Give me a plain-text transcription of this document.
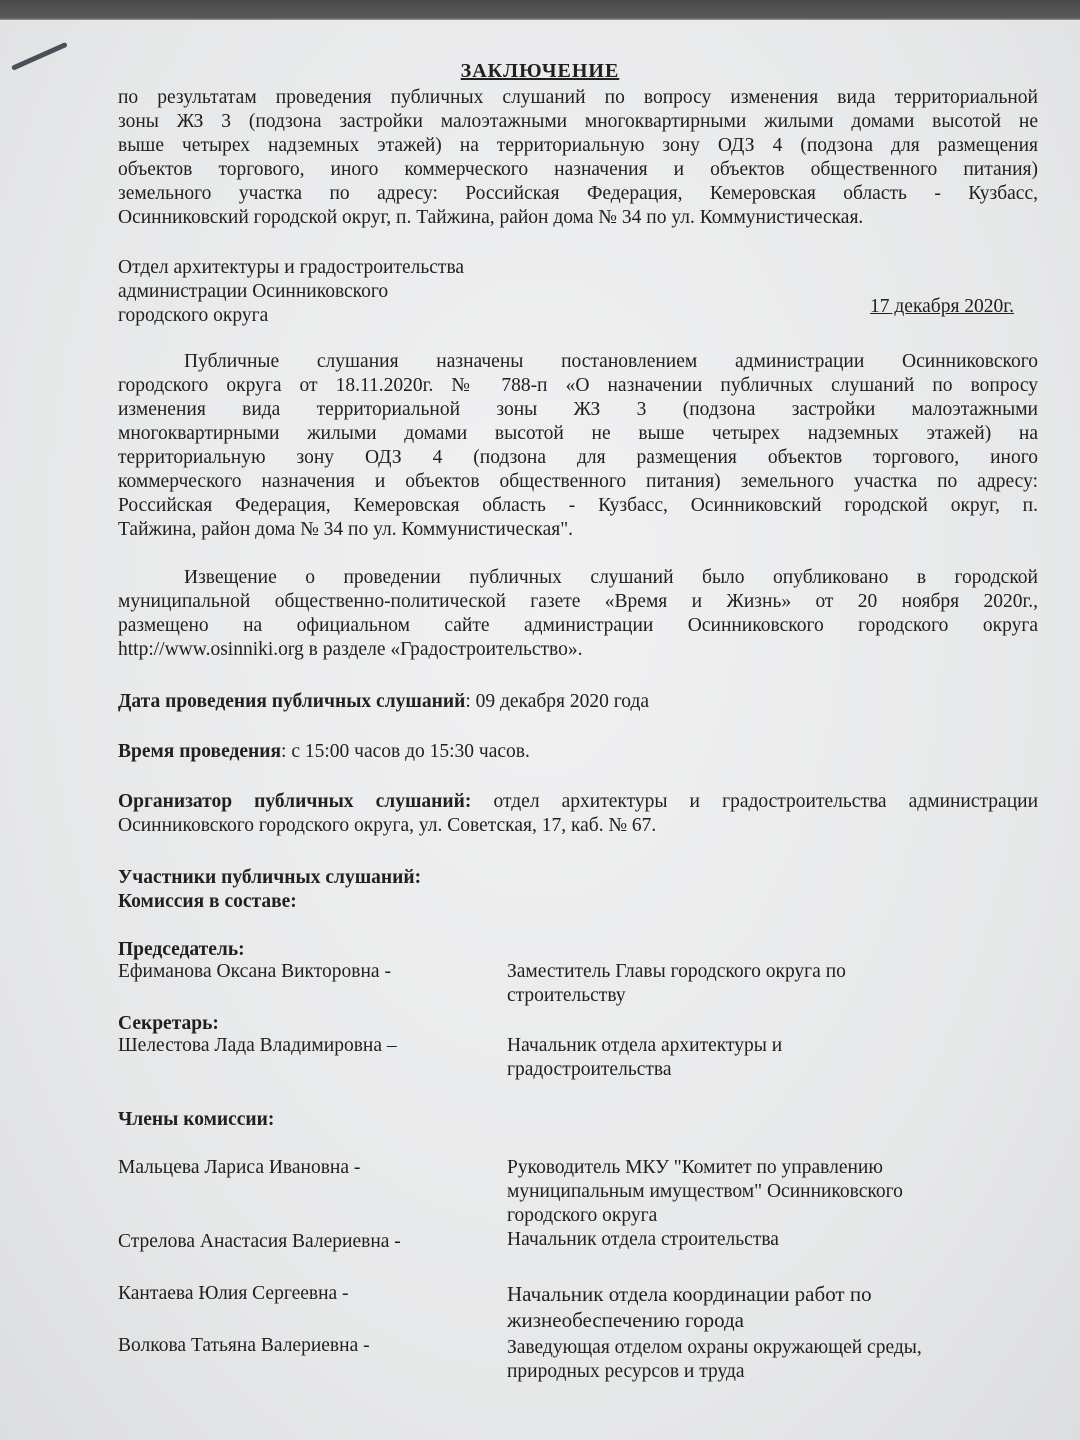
ЗАКЛЮЧЕНИЕ
по результатам проведения публичных слушаний по вопросу изменения вида территориальной
зоны ЖЗ 3 (подзона застройки малоэтажными многоквартирными жилыми домами высотой не
выше четырех надземных этажей) на территориальную зону ОДЗ 4 (подзона для размещения
объектов торгового, иного коммерческого назначения и объектов общественного питания)
земельного участка по адресу: Российская Федерация, Кемеровская область - Кузбасс,
Осинниковский городской округ, п. Тайжина, район дома № 34 по ул. Коммунистическая.
Отдел архитектуры и градостроительства
администрации Осинниковского
городского округа	17 декабря 2020г.
Публичные слушания назначены постановлением администрации Осинниковского
городского округа от 18.11.2020г. № 788-п «О назначении публичных слушаний по вопросу
изменения вида территориальной зоны ЖЗ 3 (подзона застройки малоэтажными
многоквартирными жилыми домами высотой не выше четырех надземных этажей) на
территориальную зону ОДЗ 4 (подзона для размещения объектов торгового, иного
коммерческого назначения и объектов общественного питания) земельного участка по адресу:
Российская Федерация, Кемеровская область - Кузбасс, Осинниковский городской округ, п.
Тайжина, район дома № 34 по ул. Коммунистическая".
Извещение о проведении публичных слушаний было опубликовано в городской
муниципальной общественно-политической газете «Время и Жизнь» от 20 ноября 2020г.,
размещено на официальном сайте администрации Осинниковского городского округа
http://www.osinniki.org в разделе «Градостроительство».
Дата проведения публичных слушаний: 09 декабря 2020 года
Время проведения: с 15:00 часов до 15:30 часов.
Организатор публичных слушаний: отдел архитектуры и градостроительства администрации
Осинниковского городского округа, ул. Советская, 17, каб. № 67.
Участники публичных слушаний:
Комиссия в составе:
Председатель:
Ефиманова Оксана Викторовна -	Заместитель Главы городского округа по
строительству
Секретарь:
Шелестова Лада Владимировна –	Начальник отдела архитектуры и
градостроительства
Члены комиссии:
Мальцева Лариса Ивановна -	Руководитель МКУ "Комитет по управлению
муниципальным имуществом" Осинниковского
городского округа
Стрелова Анастасия Валериевна -	Начальник отдела строительства
Кантаева Юлия Сергеевна -	Начальник отдела координации работ по
жизнеобеспечению города
Волкова Татьяна Валериевна -	Заведующая отделом охраны окружающей среды,
природных ресурсов и труда
